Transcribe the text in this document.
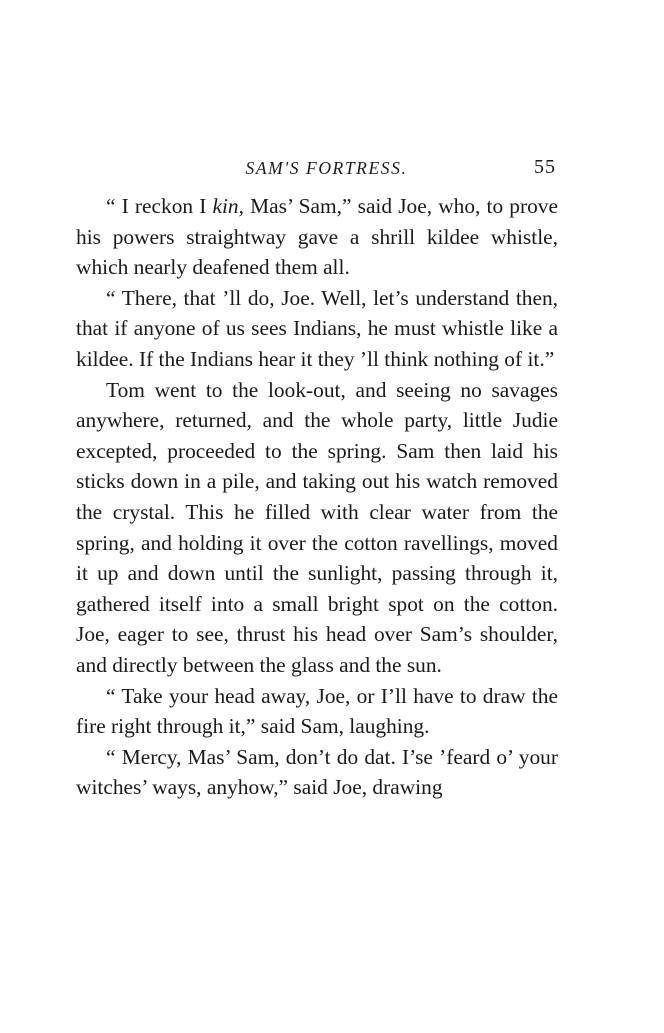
SAM'S FORTRESS.	55

“ I reckon I kin, Mas’ Sam,” said Joe, who, to prove his powers straightway gave a shrill kildee whistle, which nearly deafened them all.

“ There, that ’ll do, Joe. Well, let’s understand then, that if anyone of us sees Indians, he must whistle like a kildee. If the Indians hear it they ’ll think nothing of it.”

Tom went to the look-out, and seeing no savages anywhere, returned, and the whole party, little Judie excepted, proceeded to the spring. Sam then laid his sticks down in a pile, and taking out his watch removed the crystal. This he filled with clear water from the spring, and holding it over the cotton ravellings, moved it up and down until the sunlight, passing through it, gathered itself into a small bright spot on the cotton. Joe, eager to see, thrust his head over Sam’s shoulder, and directly between the glass and the sun.

“ Take your head away, Joe, or I’ll have to draw the fire right through it,” said Sam, laughing.

“ Mercy, Mas’ Sam, don’t do dat. I’se ’feard o’ your witches’ ways, anyhow,” said Joe, drawing
